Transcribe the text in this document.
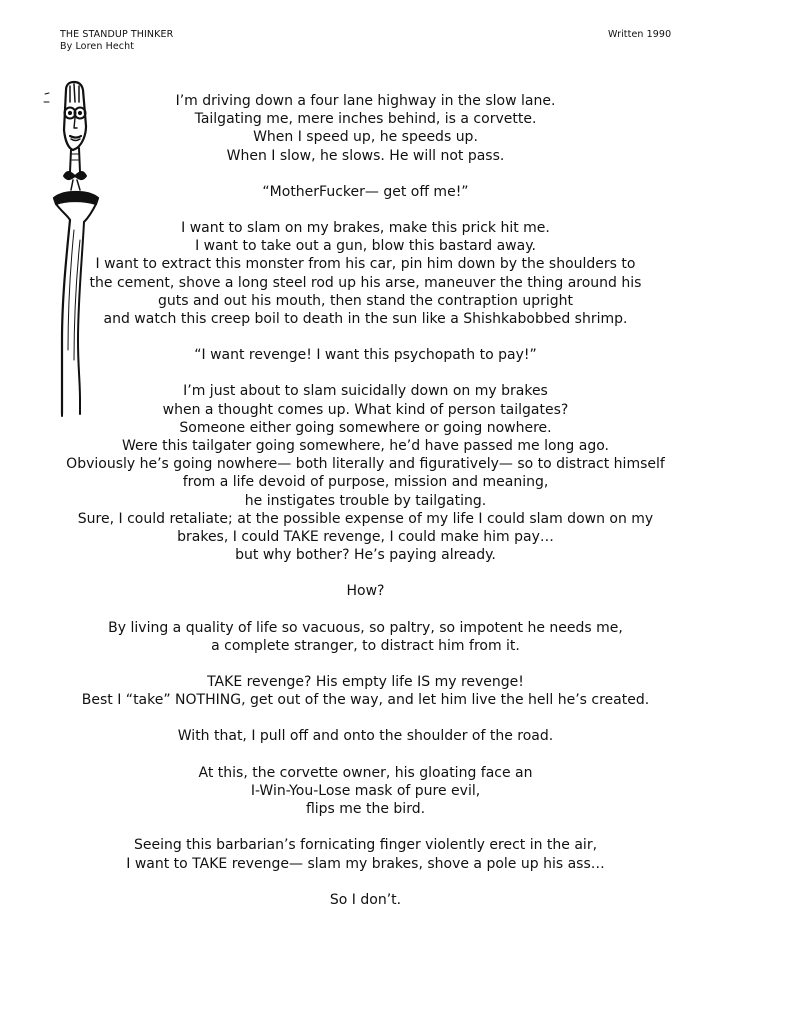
THE STANDUP THINKER
By Loren Hecht
Written 1990
I’m driving down a four lane highway in the slow lane.
Tailgating me, mere inches behind, is a corvette.
When I speed up, he speeds up.
When I slow, he slows. He will not pass.
“MotherFucker— get off me!”
I want to slam on my brakes, make this prick hit me.
I want to take out a gun, blow this bastard away.
I want to extract this monster from his car, pin him down by the shoulders to
the cement, shove a long steel rod up his arse, maneuver the thing around his
guts and out his mouth, then stand the contraption upright
and watch this creep boil to death in the sun like a Shishkabobbed shrimp.
“I want revenge! I want this psychopath to pay!”
I’m just about to slam suicidally down on my brakes
when a thought comes up. What kind of person tailgates?
Someone either going somewhere or going nowhere.
Were this tailgater going somewhere, he’d have passed me long ago.
Obviously he’s going nowhere— both literally and figuratively— so to distract himself
from a life devoid of purpose, mission and meaning,
he instigates trouble by tailgating.
Sure, I could retaliate; at the possible expense of my life I could slam down on my
brakes, I could TAKE revenge, I could make him pay…
but why bother? He’s paying already.
How?
By living a quality of life so vacuous, so paltry, so impotent he needs me,
a complete stranger, to distract him from it.
TAKE revenge? His empty life IS my revenge!
Best I “take” NOTHING, get out of the way, and let him live the hell he’s created.
With that, I pull off and onto the shoulder of the road.
At this, the corvette owner, his gloating face an
I-Win-You-Lose mask of pure evil,
flips me the bird.
Seeing this barbarian’s fornicating finger violently erect in the air,
I want to TAKE revenge— slam my brakes, shove a pole up his ass…
So I don’t.
